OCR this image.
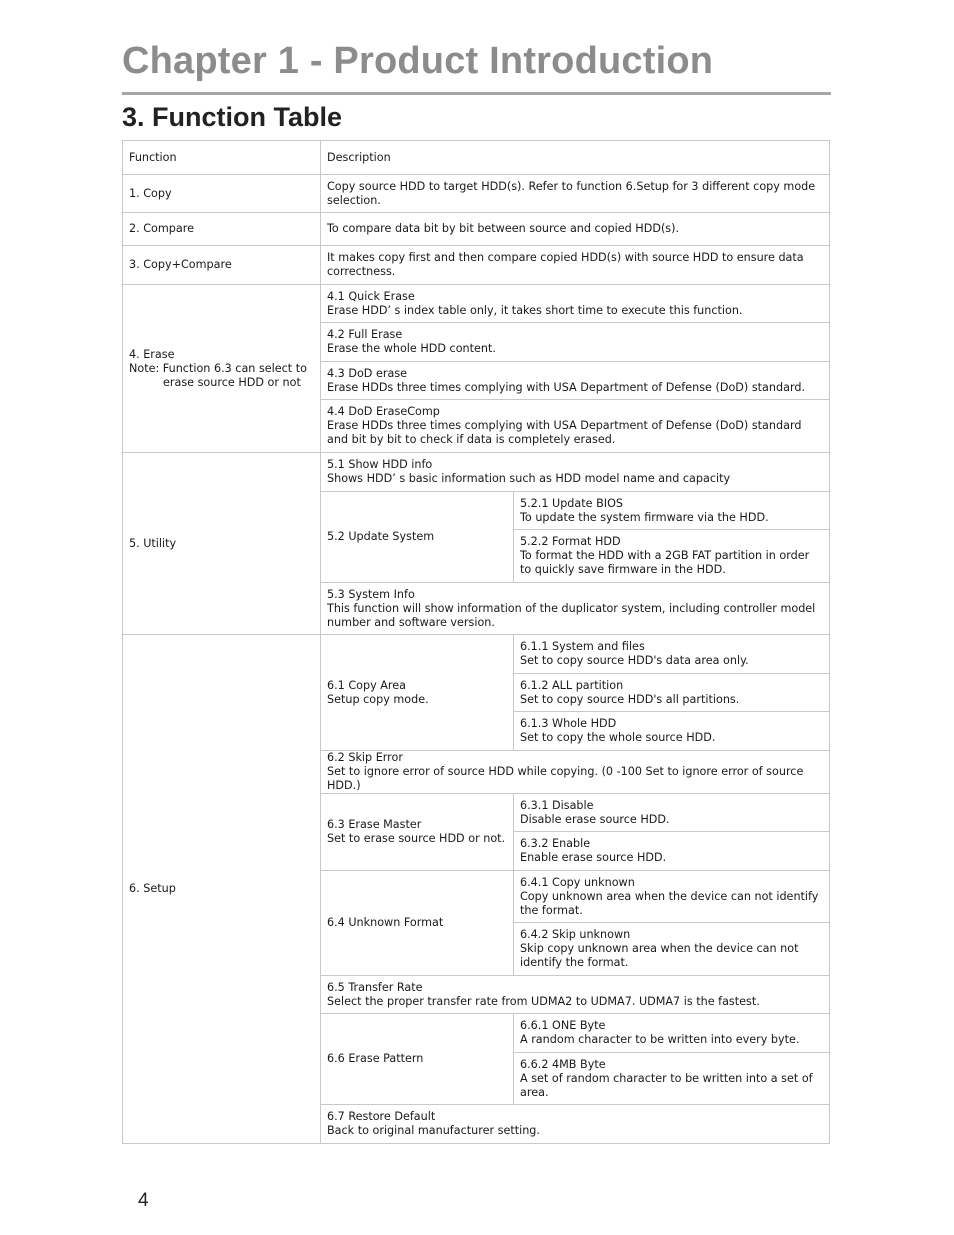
Chapter 1 - Product Introduction
3. Function Table
Function	Description	
1. Copy	Copy source HDD to target HDD(s). Refer to function 6.Setup for 3 different copy mode selection.	
2. Compare	To compare data bit by bit between source and copied HDD(s).	
3. Copy+Compare	It makes copy first and then compare copied HDD(s) with source HDD to ensure data correctness.	

4. Erase
Note: Function 6.3 can select to
erase source HDD or not	4.1 Quick Erase
Erase HDD’ s index table only, it takes short time to execute this function.	

	4.2 Full Erase
Erase the whole HDD content.	

	4.3 DoD erase
Erase HDDs three times complying with USA Department of Defense (DoD) standard.	

	4.4 DoD EraseComp
Erase HDDs three times complying with USA Department of Defense (DoD) standard and bit by bit to check if data is completely erased.	

5. Utility	5.1 Show HDD info
Shows HDD’ s basic information such as HDD model name and capacity	

	5.2 Update System	5.2.1 Update BIOS
To update the system firmware via the HDD.

		5.2.2 Format HDD
To format the HDD with a 2GB FAT partition in order to quickly save firmware in the HDD.

	5.3 System Info
This function will show information of the duplicator system, including controller model number and software version.	

6. Setup	6.1 Copy Area
Setup copy mode.	6.1.1 System and files
Set to copy source HDD's data area only.

		6.1.2 ALL partition
Set to copy source HDD's all partitions.

		6.1.3 Whole HDD
Set to copy the whole source HDD.

	6.2 Skip Error
Set to ignore error of source HDD while copying. (0 -100 Set to ignore error of source HDD.)	

	6.3 Erase Master
Set to erase source HDD or not.	6.3.1 Disable
Disable erase source HDD.

		6.3.2 Enable
Enable erase source HDD.

	6.4 Unknown Format	6.4.1 Copy unknown
Copy unknown area when the device can not identify the format.

		6.4.2 Skip unknown
Skip copy unknown area when the device can not identify the format.

	6.5 Transfer Rate
Select the proper transfer rate from UDMA2 to UDMA7. UDMA7 is the fastest.	

	6.6 Erase Pattern	6.6.1 ONE Byte
A random character to be written into every byte.

		6.6.2 4MB Byte
A set of random character to be written into a set of area.

	6.7 Restore Default
Back to original manufacturer setting.	
4
